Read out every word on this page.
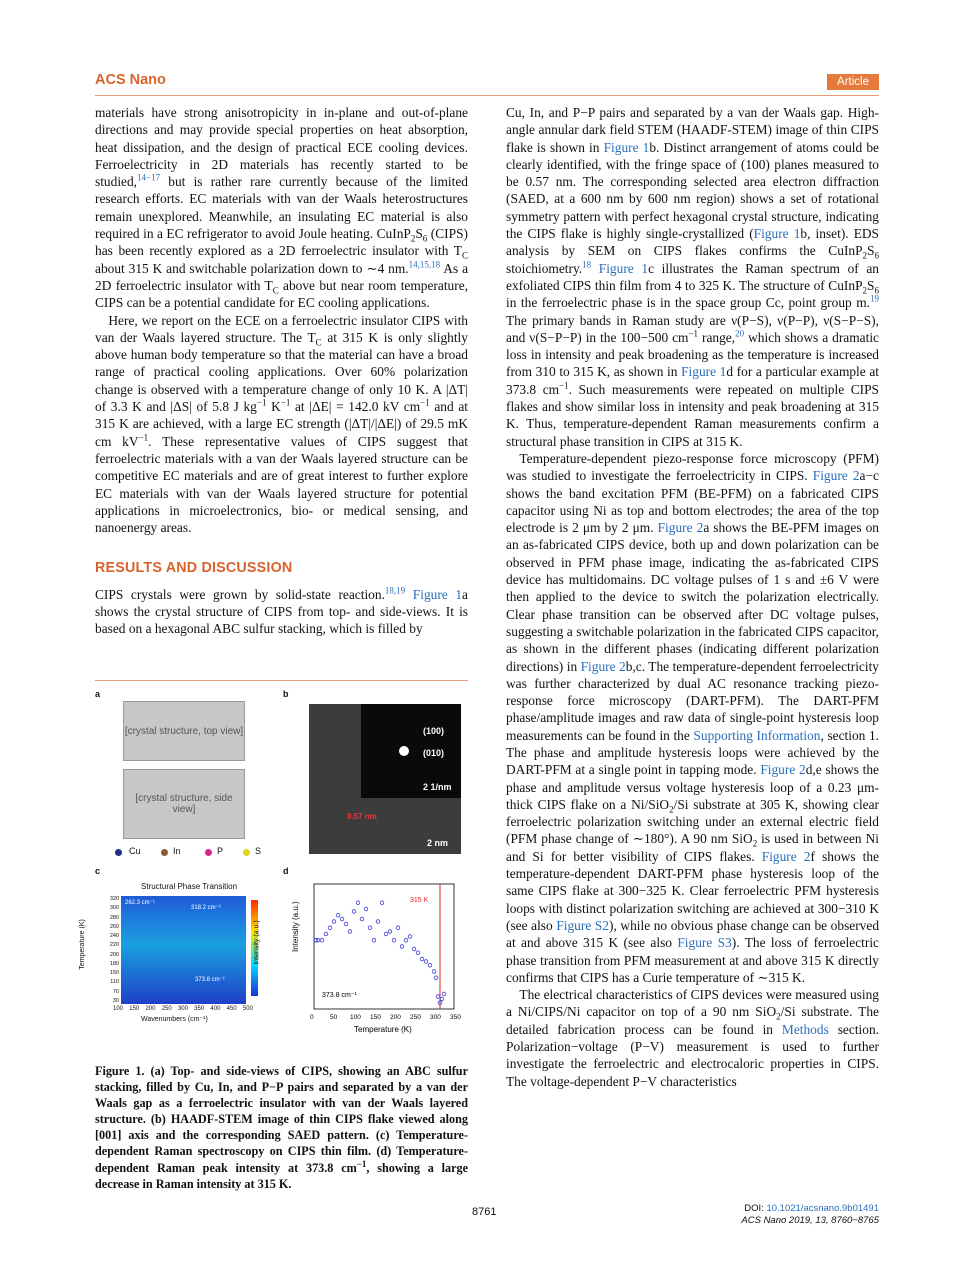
ACS Nano	Article

materials have strong anisotropicity in in-plane and out-of-plane directions and may provide special properties on heat absorption, heat dissipation, and the design of practical ECE cooling devices. Ferroelectricity in 2D materials has recently started to be studied,$^{14-17}$ but is rather rare currently because of the limited research efforts. EC materials with van der Waals heterostructures remain unexplored. Meanwhile, an insulating EC material is also required in a EC refrigerator to avoid Joule heating. $CuInP_2S_6$ (CIPS) has been recently explored as a 2D ferroelectric insulator with $T_C$ about 315 K and switchable polarization down to ∼4 nm.$^{14,15,18}$ As a 2D ferroelectric insulator with $T_C$ above but near room temperature, CIPS can be a potential candidate for EC cooling applications.

Here, we report on the ECE on a ferroelectric insulator CIPS with van der Waals layered structure. The $T_C$ at 315 K is only slightly above human body temperature so that the material can have a broad range of practical cooling applications. Over 60% polarization change is observed with a temperature change of only 10 K. A |ΔT| of 3.3 K and |ΔS| of 5.8 J $kg^{-1}$ $K^{-1}$ at |ΔE| = 142.0 kV $cm^{-1}$ and at 315 K are achieved, with a large EC strength (|ΔT|/|ΔE|) of 29.5 mK cm $kV^{-1}$. These representative values of CIPS suggest that ferroelectric materials with a van der Waals layered structure can be competitive EC materials and are of great interest to further explore EC materials with van der Waals layered structure for potential applications in microelectronics, bio- or medical sensing, and nanoenergy areas.

RESULTS AND DISCUSSION

CIPS crystals were grown by solid-state reaction.$^{18,19}$ Figure 1a shows the crystal structure of CIPS from top- and side-views. It is based on a hexagonal ABC sulfur stacking, which is filled by

a	b
c	d
[crystal structure, top view]
[crystal structure, side view]
Cu	In	P	S
(100)
(010)
2 1/nm
0.57 nm
2 nm
Structural Phase Transition
262.3 cm⁻¹
318.2 cm⁻¹
373.8 cm⁻¹
320
300
280
260
240
220
200
180
150
110
70
30
Temperature (K)
100 150 200 250 300 350 400 450 500
Wavenumbers (cm⁻¹)
Intensity (a.u.)	Intensity (a.u.)
Temperature (K)
315 K
373.8 cm⁻¹
0	50 100 150 200 250 300 350
Figure 1. (a) Top- and side-views of CIPS, showing an ABC sulfur stacking, filled by Cu, In, and P−P pairs and separated by a van der Waals gap as a ferroelectric insulator with van der Waals layered structure. (b) HAADF-STEM image of thin CIPS flake viewed along [001] axis and the corresponding SAED pattern. (c) Temperature-dependent Raman spectroscopy on CIPS thin film. (d) Temperature-dependent Raman peak intensity at 373.8 $cm^{-1}$, showing a large decrease in Raman intensity at 315 K.

Cu, In, and P−P pairs and separated by a van der Waals gap. High-angle annular dark field STEM (HAADF-STEM) image of thin CIPS flake is shown in Figure 1b. Distinct arrangement of atoms could be clearly identified, with the fringe space of (100) planes measured to be 0.57 nm. The corresponding selected area electron diffraction (SAED, at a 600 nm by 600 nm region) shows a set of rotational symmetry pattern with perfect hexagonal crystal structure, indicating the CIPS flake is highly single-crystallized (Figure 1b, inset). EDS analysis by SEM on CIPS flakes confirms the $CuInP_2S_6$ stoichiometry.$^{18}$ Figure 1c illustrates the Raman spectrum of an exfoliated CIPS thin film from 4 to 325 K. The structure of $CuInP_2S_6$ in the ferroelectric phase is in the space group Cc, point group m.$^{19}$ The primary bands in Raman study are ν(P−S), ν(P−P), ν(S−P−S), and ν(S−P−P) in the 100−500 $cm^{-1}$ range,$^{20}$ which shows a dramatic loss in intensity and peak broadening as the temperature is increased from 310 to 315 K, as shown in Figure 1d for a particular example at 373.8 $cm^{-1}$. Such measurements were repeated on multiple CIPS flakes and show similar loss in intensity and peak broadening at 315 K. Thus, temperature-dependent Raman measurements confirm a structural phase transition in CIPS at 315 K.

Temperature-dependent piezo-response force microscopy (PFM) was studied to investigate the ferroelectricity in CIPS. Figure 2a−c shows the band excitation PFM (BE-PFM) on a fabricated CIPS capacitor using Ni as top and bottom electrodes; the area of the top electrode is 2 μm by 2 μm. Figure 2a shows the BE-PFM images on an as-fabricated CIPS device, both up and down polarization can be observed in PFM phase image, indicating the as-fabricated CIPS device has multidomains. DC voltage pulses of 1 s and ±6 V were then applied to the device to switch the polarization electrically. Clear phase transition can be observed after DC voltage pulses, suggesting a switchable polarization in the fabricated CIPS capacitor, as shown in the different phases (indicating different polarization directions) in Figure 2b,c. The temperature-dependent ferroelectricity was further characterized by dual AC resonance tracking piezo-response force microscopy (DART-PFM). The DART-PFM phase/amplitude images and raw data of single-point hysteresis loop measurements can be found in the Supporting Information, section 1. The phase and amplitude hysteresis loops were achieved by the DART-PFM at a single point in tapping mode. Figure 2d,e shows the phase and amplitude versus voltage hysteresis loop of a 0.23 μm-thick CIPS flake on a Ni/SiO$_2$/Si substrate at 305 K, showing clear ferroelectric polarization switching under an external electric field (PFM phase change of ∼180°). A 90 nm SiO$_2$ is used in between Ni and Si for better visibility of CIPS flakes. Figure 2f shows the temperature-dependent DART-PFM phase hysteresis loop of the same CIPS flake at 300−325 K. Clear ferroelectric PFM hysteresis loops with distinct polarization switching are achieved at 300−310 K (see also Figure S2), while no obvious phase change can be observed at and above 315 K (see also Figure S3). The loss of ferroelectric phase transition from PFM measurement at and above 315 K directly confirms that CIPS has a Curie temperature of ∼315 K.

The electrical characteristics of CIPS devices were measured using a Ni/CIPS/Ni capacitor on top of a 90 nm SiO$_2$/Si substrate. The detailed fabrication process can be found in Methods section. Polarization−voltage (P−V) measurement is used to further investigate the ferroelectric and electrocaloric properties in CIPS. The voltage-dependent P−V characteristics

8761	DOI: 10.1021/acsnano.9b01491
ACS Nano 2019, 13, 8760−8765
